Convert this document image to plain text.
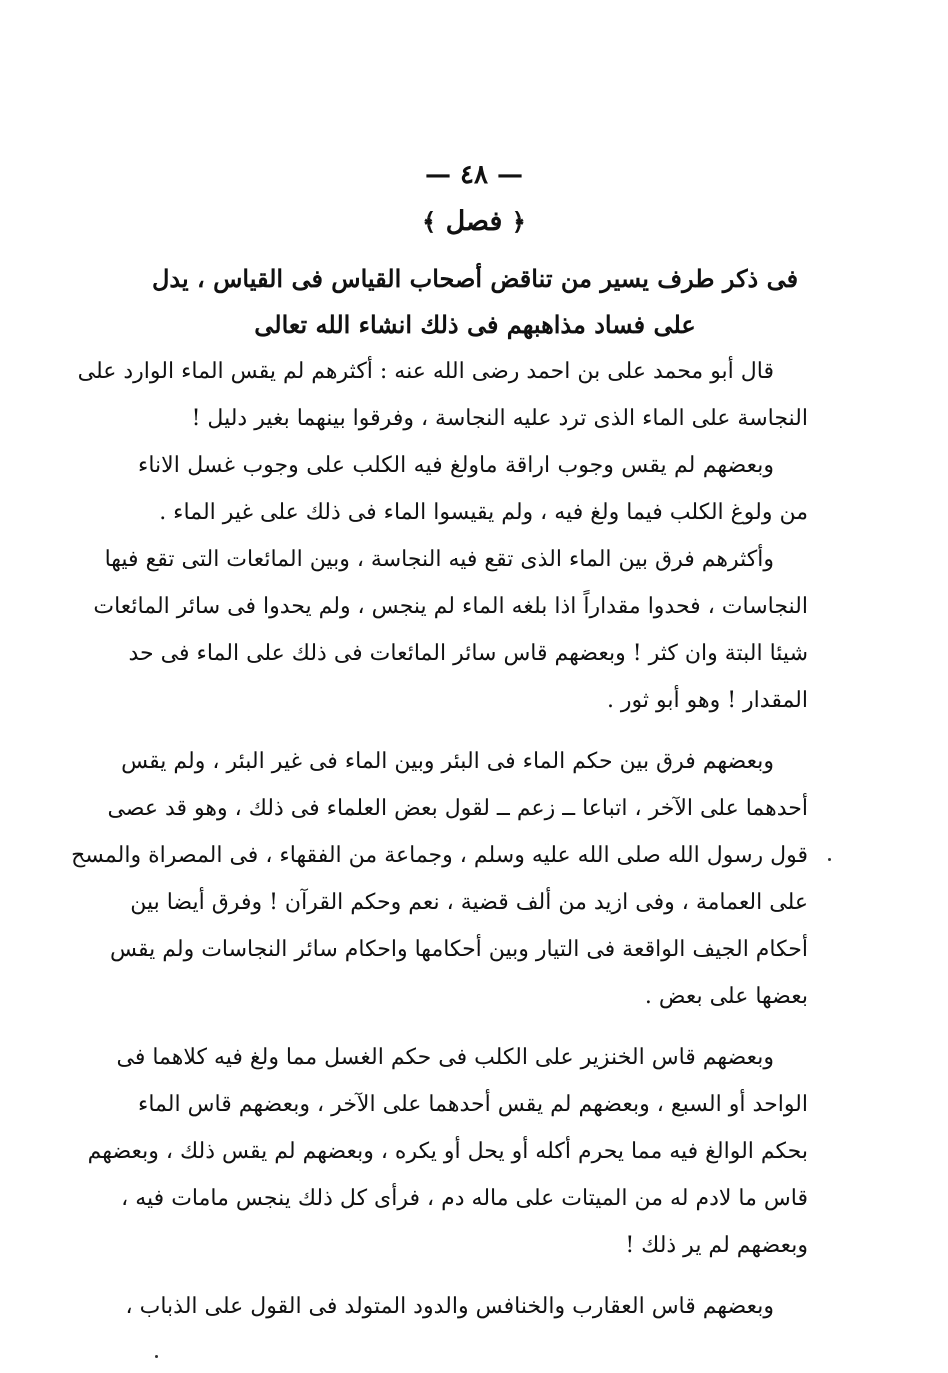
— ٤٨ —
﴿ فصل ﴾
فى ذكر طرف يسير من تناقض أصحاب القياس فى القياس ، يدل
على فساد مذاهبهم فى ذلك انشاء الله تعالى
قال أبو محمد على بن احمد رضى الله عنه : أكثرهم لم يقس الماء الوارد على
النجاسة على الماء الذى ترد عليه النجاسة ، وفرقوا بينهما بغير دليل !
وبعضهم لم يقس وجوب اراقة ماولغ فيه الكلب على وجوب غسل الاناء
من ولوغ الكلب فيما ولغ فيه ، ولم يقيسوا الماء فى ذلك على غير الماء .
وأكثرهم فرق بين الماء الذى تقع فيه النجاسة ، وبين المائعات التى تقع فيها
النجاسات ، فحدوا مقداراً اذا بلغه الماء لم ينجس ، ولم يحدوا فى سائر المائعات
شيئا البتة وان كثر ! وبعضهم قاس سائر المائعات فى ذلك على الماء فى حد
المقدار ! وهو أبو ثور .
وبعضهم فرق بين حكم الماء فى البئر وبين الماء فى غير البئر ، ولم يقس
أحدهما على الآخر ، اتباعا ــ زعم ــ لقول بعض العلماء فى ذلك ، وهو قد عصى
قول رسول الله صلى الله عليه وسلم ، وجماعة من الفقهاء ، فى المصراة والمسح
على العمامة ، وفى ازيد من ألف قضية ، نعم وحكم القرآن ! وفرق أيضا بين
أحكام الجيف الواقعة فى التيار وبين أحكامها واحكام سائر النجاسات ولم يقس
بعضها على بعض .
وبعضهم قاس الخنزير على الكلب فى حكم الغسل مما ولغ فيه كلاهما فى
الواحد أو السبع ، وبعضهم لم يقس أحدهما على الآخر ، وبعضهم قاس الماء
بحكم الوالغ فيه مما يحرم أكله أو يحل أو يكره ، وبعضهم لم يقس ذلك ، وبعضهم
قاس ما لادم له من الميتات على ماله دم ، فرأى كل ذلك ينجس مامات فيه ،
وبعضهم لم ير ذلك !
وبعضهم قاس العقارب والخنافس والدود المتولد فى القول على الذباب ،
